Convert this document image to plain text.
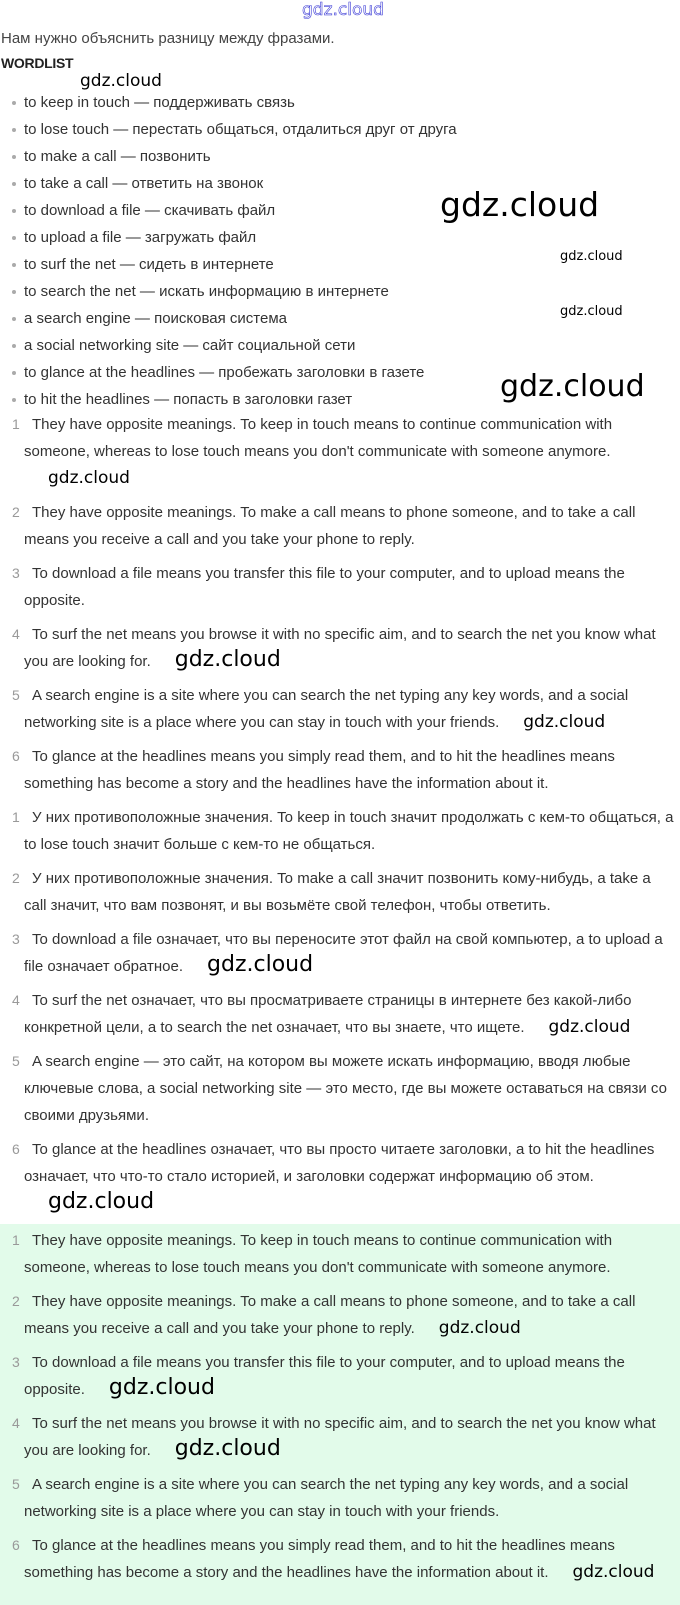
gdz.cloud
Нам нужно объяснить разницу между фразами.
WORDLIST
to keep in touch — поддерживать связь
to lose touch — перестать общаться, отдалиться друг от друга
to make a call — позвонить
to take a call — ответить на звонок
to download a file — скачивать файл
to upload a file — загружать файл
to surf the net — сидеть в интернете
to search the net — искать информацию в интернете
a search engine — поисковая система
a social networking site — сайт социальной сети
to glance at the headlines — пробежать заголовки в газете
to hit the headlines — попасть в заголовки газет
gdz.cloud
gdz.cloud
gdz.cloud
gdz.cloud
gdz.cloud
1 They have opposite meanings. To keep in touch means to continue communication with someone, whereas to lose touch means you don't communicate with someone anymore.gdz.cloud
2 They have opposite meanings. To make a call means to phone someone, and to take a call means you receive a call and you take your phone to reply.
3 To download a file means you transfer this file to your computer, and to upload means the opposite.
4 To surf the net means you browse it with no specific aim, and to search the net you know what you are looking for. gdz.cloud
5 A search engine is a site where you can search the net typing any key words, and a social networking site is a place where you can stay in touch with your friends. gdz.cloud
6 To glance at the headlines means you simply read them, and to hit the headlines means something has become a story and the headlines have the information about it.
1 У них противоположные значения. To keep in touch значит продолжать с кем-то общаться, а to lose touch значит больше с кем-то не общаться.
2 У них противоположные значения. To make a call значит позвонить кому-нибудь, а take a call значит, что вам позвонят, и вы возьмёте свой телефон, чтобы ответить.
3 To download a file означает, что вы переносите этот файл на свой компьютер, а to upload a file означает обратное. gdz.cloud
4 To surf the net означает, что вы просматриваете страницы в интернете без какой-либо конкретной цели, а to search the net означает, что вы знаете, что ищете. gdz.cloud
5 A search engine — это сайт, на котором вы можете искать информацию, вводя любые ключевые слова, а social networking site — это место, где вы можете оставаться на связи со своими друзьями.
6 To glance at the headlines означает, что вы просто читаете заголовки, а to hit the headlines означает, что что-то стало историей, и заголовки содержат информацию об этом.gdz.cloud
1 They have opposite meanings. To keep in touch means to continue communication with someone, whereas to lose touch means you don't communicate with someone anymore.
2 They have opposite meanings. To make a call means to phone someone, and to take a call means you receive a call and you take your phone to reply. gdz.cloud
3 To download a file means you transfer this file to your computer, and to upload means the opposite. gdz.cloud
4 To surf the net means you browse it with no specific aim, and to search the net you know what you are looking for. gdz.cloud
5 A search engine is a site where you can search the net typing any key words, and a social networking site is a place where you can stay in touch with your friends.
6 To glance at the headlines means you simply read them, and to hit the headlines means something has become a story and the headlines have the information about it. gdz.cloud
